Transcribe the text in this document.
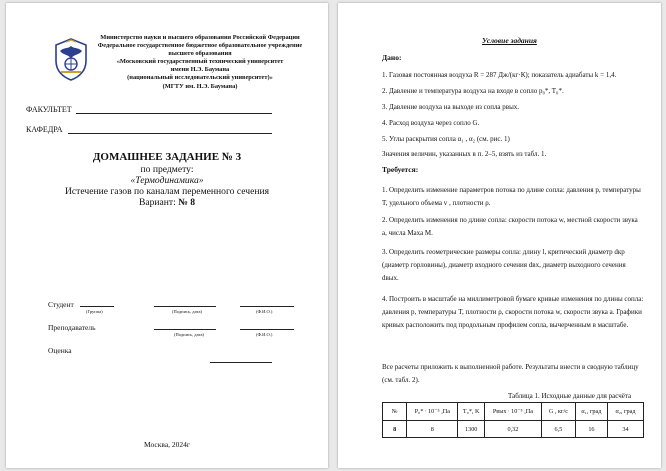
Министерство науки и высшего образования Российской Федерации
Федеральное государственное бюджетное образовательное учреждение
высшего образования
«Московский государственный технический университет
имени Н.Э. Баумана
(национальный исследовательский университет)»
(МГТУ им. Н.Э. Баумана)
ФАКУЛЬТЕТ
КАФЕДРА
ДОМАШНЕЕ ЗАДАНИЕ № 3
по предмету:
«Термодинамика»
Истечение газов по каналам переменного сечения
Вариант: № 8
Студент
(Группа)	(Подпись, дата)	(Ф.И.О.)
Преподаватель
(Подпись, дата)	(Ф.И.О.)
Оценка
Москва, 2024г
Условие задания
Дано:
1. Газовая постоянная воздуха R = 287 Дж/(кг·К); показатель адиабаты k = 1,4.
2. Давление и температура воздуха на входе в сопло p₀*, T₀*.
3. Давление воздуха на выходе из сопла pвых.
4. Расход воздуха через сопло G.
5. Углы раскрытия сопла α₁ , α₂ (см. рис. 1)
Значения величин, указанных в п. 2–5, взять из табл. 1.
Требуется:
1. Определить изменение параметров потока по длине сопла: давления p, температуры T, удельного объема v , плотности ρ.
2. Определить изменения по длине сопла: скорости потока w, местной скорости звука a, числа Маха M.
3. Определить геометрические размеры сопла: длину l, критический диаметр dкр (диаметр горловины), диаметр входного сечения dвх, диаметр выходного сечения dвых.
4. Построить в масштабе на миллиметровой бумаге кривые изменения по длины сопла: давления p, температуры T, плотности ρ, скорости потока w, скорости звука a. Графики кривых расположить под продольным профилем сопла, вычерченным в масштабе.
Все расчеты приложить к выполненной работе. Результаты внести в сводную таблицу (см. табл. 2).
Таблица 1. Исходные данные для расчёта
№	P₀* ∙ 10⁻⁵ ,Па	T₀*, K	Pвых ∙ 10⁻⁵ ,Па	G , кг/с	α₁, град	α₂, град
8	8	1300	0,32	6,5	16	34
